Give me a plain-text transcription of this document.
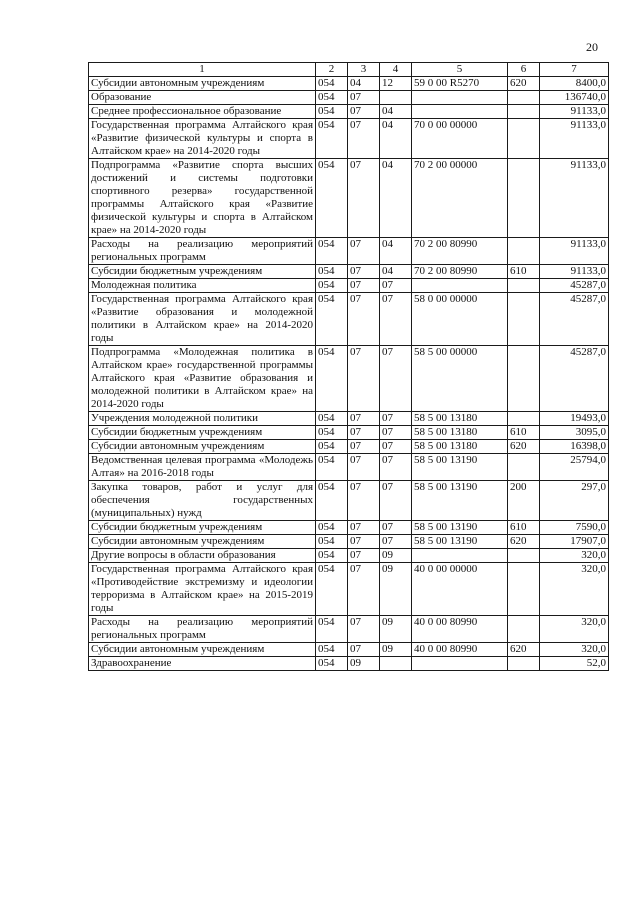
20
1	2	3	4	5	6	7
Субсидии автономным учреждениям	054	04	12	59 0 00 R5270	620	8400,0
Образование	054	07				136740,0
Среднее профессиональное образование	054	07	04			91133,0
Государственная программа Алтайского края «Развитие физической культуры и спорта в Алтайском крае» на 2014-2020 годы	054	07	04	70 0 00 00000		91133,0
Подпрограмма «Развитие спорта высших достижений и системы подготовки спортивного резерва» государственной программы Алтайского края «Развитие физической культуры и спорта в Алтайском крае» на 2014-2020 годы	054	07	04	70 2 00 00000		91133,0
Расходы на реализацию мероприятий региональных программ	054	07	04	70 2 00 80990		91133,0
Субсидии бюджетным учреждениям	054	07	04	70 2 00 80990	610	91133,0
Молодежная политика	054	07	07			45287,0
Государственная программа Алтайского края «Развитие образования и молодежной политики в Алтайском крае» на 2014-2020 годы	054	07	07	58 0 00 00000		45287,0
Подпрограмма «Молодежная политика в Алтайском крае» государственной программы Алтайского края «Развитие образования и молодежной политики в Алтайском крае» на 2014-2020 годы	054	07	07	58 5 00 00000		45287,0
Учреждения молодежной политики	054	07	07	58 5 00 13180		19493,0
Субсидии бюджетным учреждениям	054	07	07	58 5 00 13180	610	3095,0
Субсидии автономным учреждениям	054	07	07	58 5 00 13180	620	16398,0
Ведомственная целевая программа «Молодежь Алтая» на 2016-2018 годы	054	07	07	58 5 00 13190		25794,0
Закупка товаров, работ и услуг для обеспечения государственных (муниципальных) нужд	054	07	07	58 5 00 13190	200	297,0
Субсидии бюджетным учреждениям	054	07	07	58 5 00 13190	610	7590,0
Субсидии автономным учреждениям	054	07	07	58 5 00 13190	620	17907,0
Другие вопросы в области образования	054	07	09			320,0
Государственная программа Алтайского края «Противодействие экстремизму и идеологии терроризма в Алтайском крае» на 2015-2019 годы	054	07	09	40 0 00 00000		320,0
Расходы на реализацию мероприятий региональных программ	054	07	09	40 0 00 80990		320,0
Субсидии автономным учреждениям	054	07	09	40 0 00 80990	620	320,0
Здравоохранение	054	09				52,0
